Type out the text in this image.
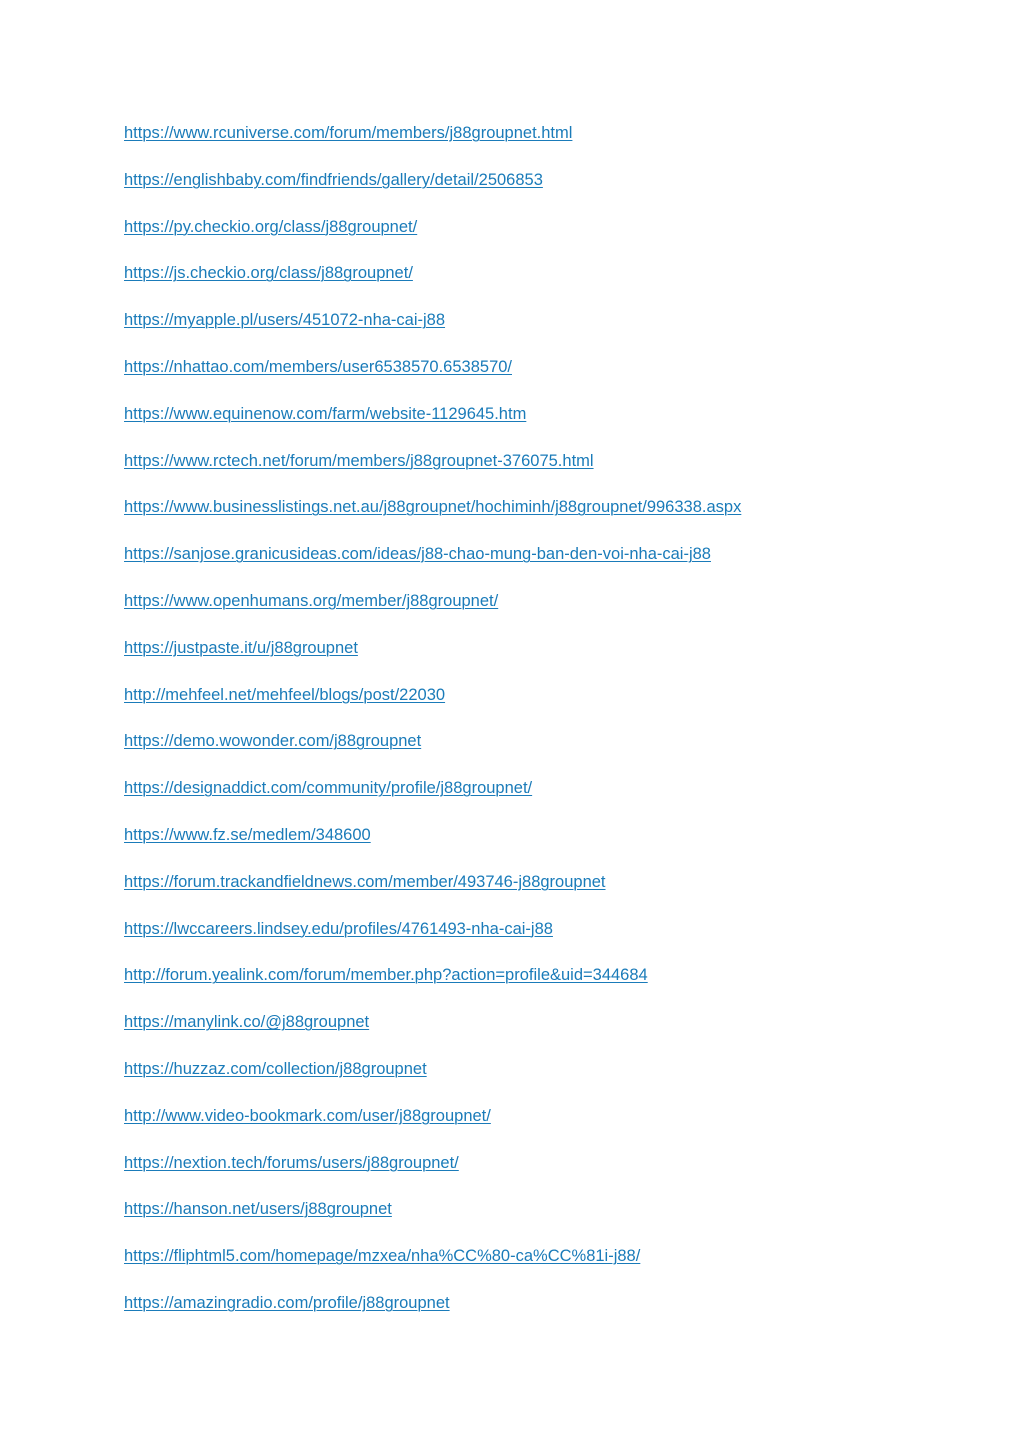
https://www.rcuniverse.com/forum/members/j88groupnet.html
https://englishbaby.com/findfriends/gallery/detail/2506853
https://py.checkio.org/class/j88groupnet/
https://js.checkio.org/class/j88groupnet/
https://myapple.pl/users/451072-nha-cai-j88
https://nhattao.com/members/user6538570.6538570/
https://www.equinenow.com/farm/website-1129645.htm
https://www.rctech.net/forum/members/j88groupnet-376075.html
https://www.businesslistings.net.au/j88groupnet/hochiminh/j88groupnet/996338.aspx
https://sanjose.granicusideas.com/ideas/j88-chao-mung-ban-den-voi-nha-cai-j88
https://www.openhumans.org/member/j88groupnet/
https://justpaste.it/u/j88groupnet
http://mehfeel.net/mehfeel/blogs/post/22030
https://demo.wowonder.com/j88groupnet
https://designaddict.com/community/profile/j88groupnet/
https://www.fz.se/medlem/348600
https://forum.trackandfieldnews.com/member/493746-j88groupnet
https://lwccareers.lindsey.edu/profiles/4761493-nha-cai-j88
http://forum.yealink.com/forum/member.php?action=profile&uid=344684
https://manylink.co/@j88groupnet
https://huzzaz.com/collection/j88groupnet
http://www.video-bookmark.com/user/j88groupnet/
https://nextion.tech/forums/users/j88groupnet/
https://hanson.net/users/j88groupnet
https://fliphtml5.com/homepage/mzxea/nha%CC%80-ca%CC%81i-j88/
https://amazingradio.com/profile/j88groupnet
